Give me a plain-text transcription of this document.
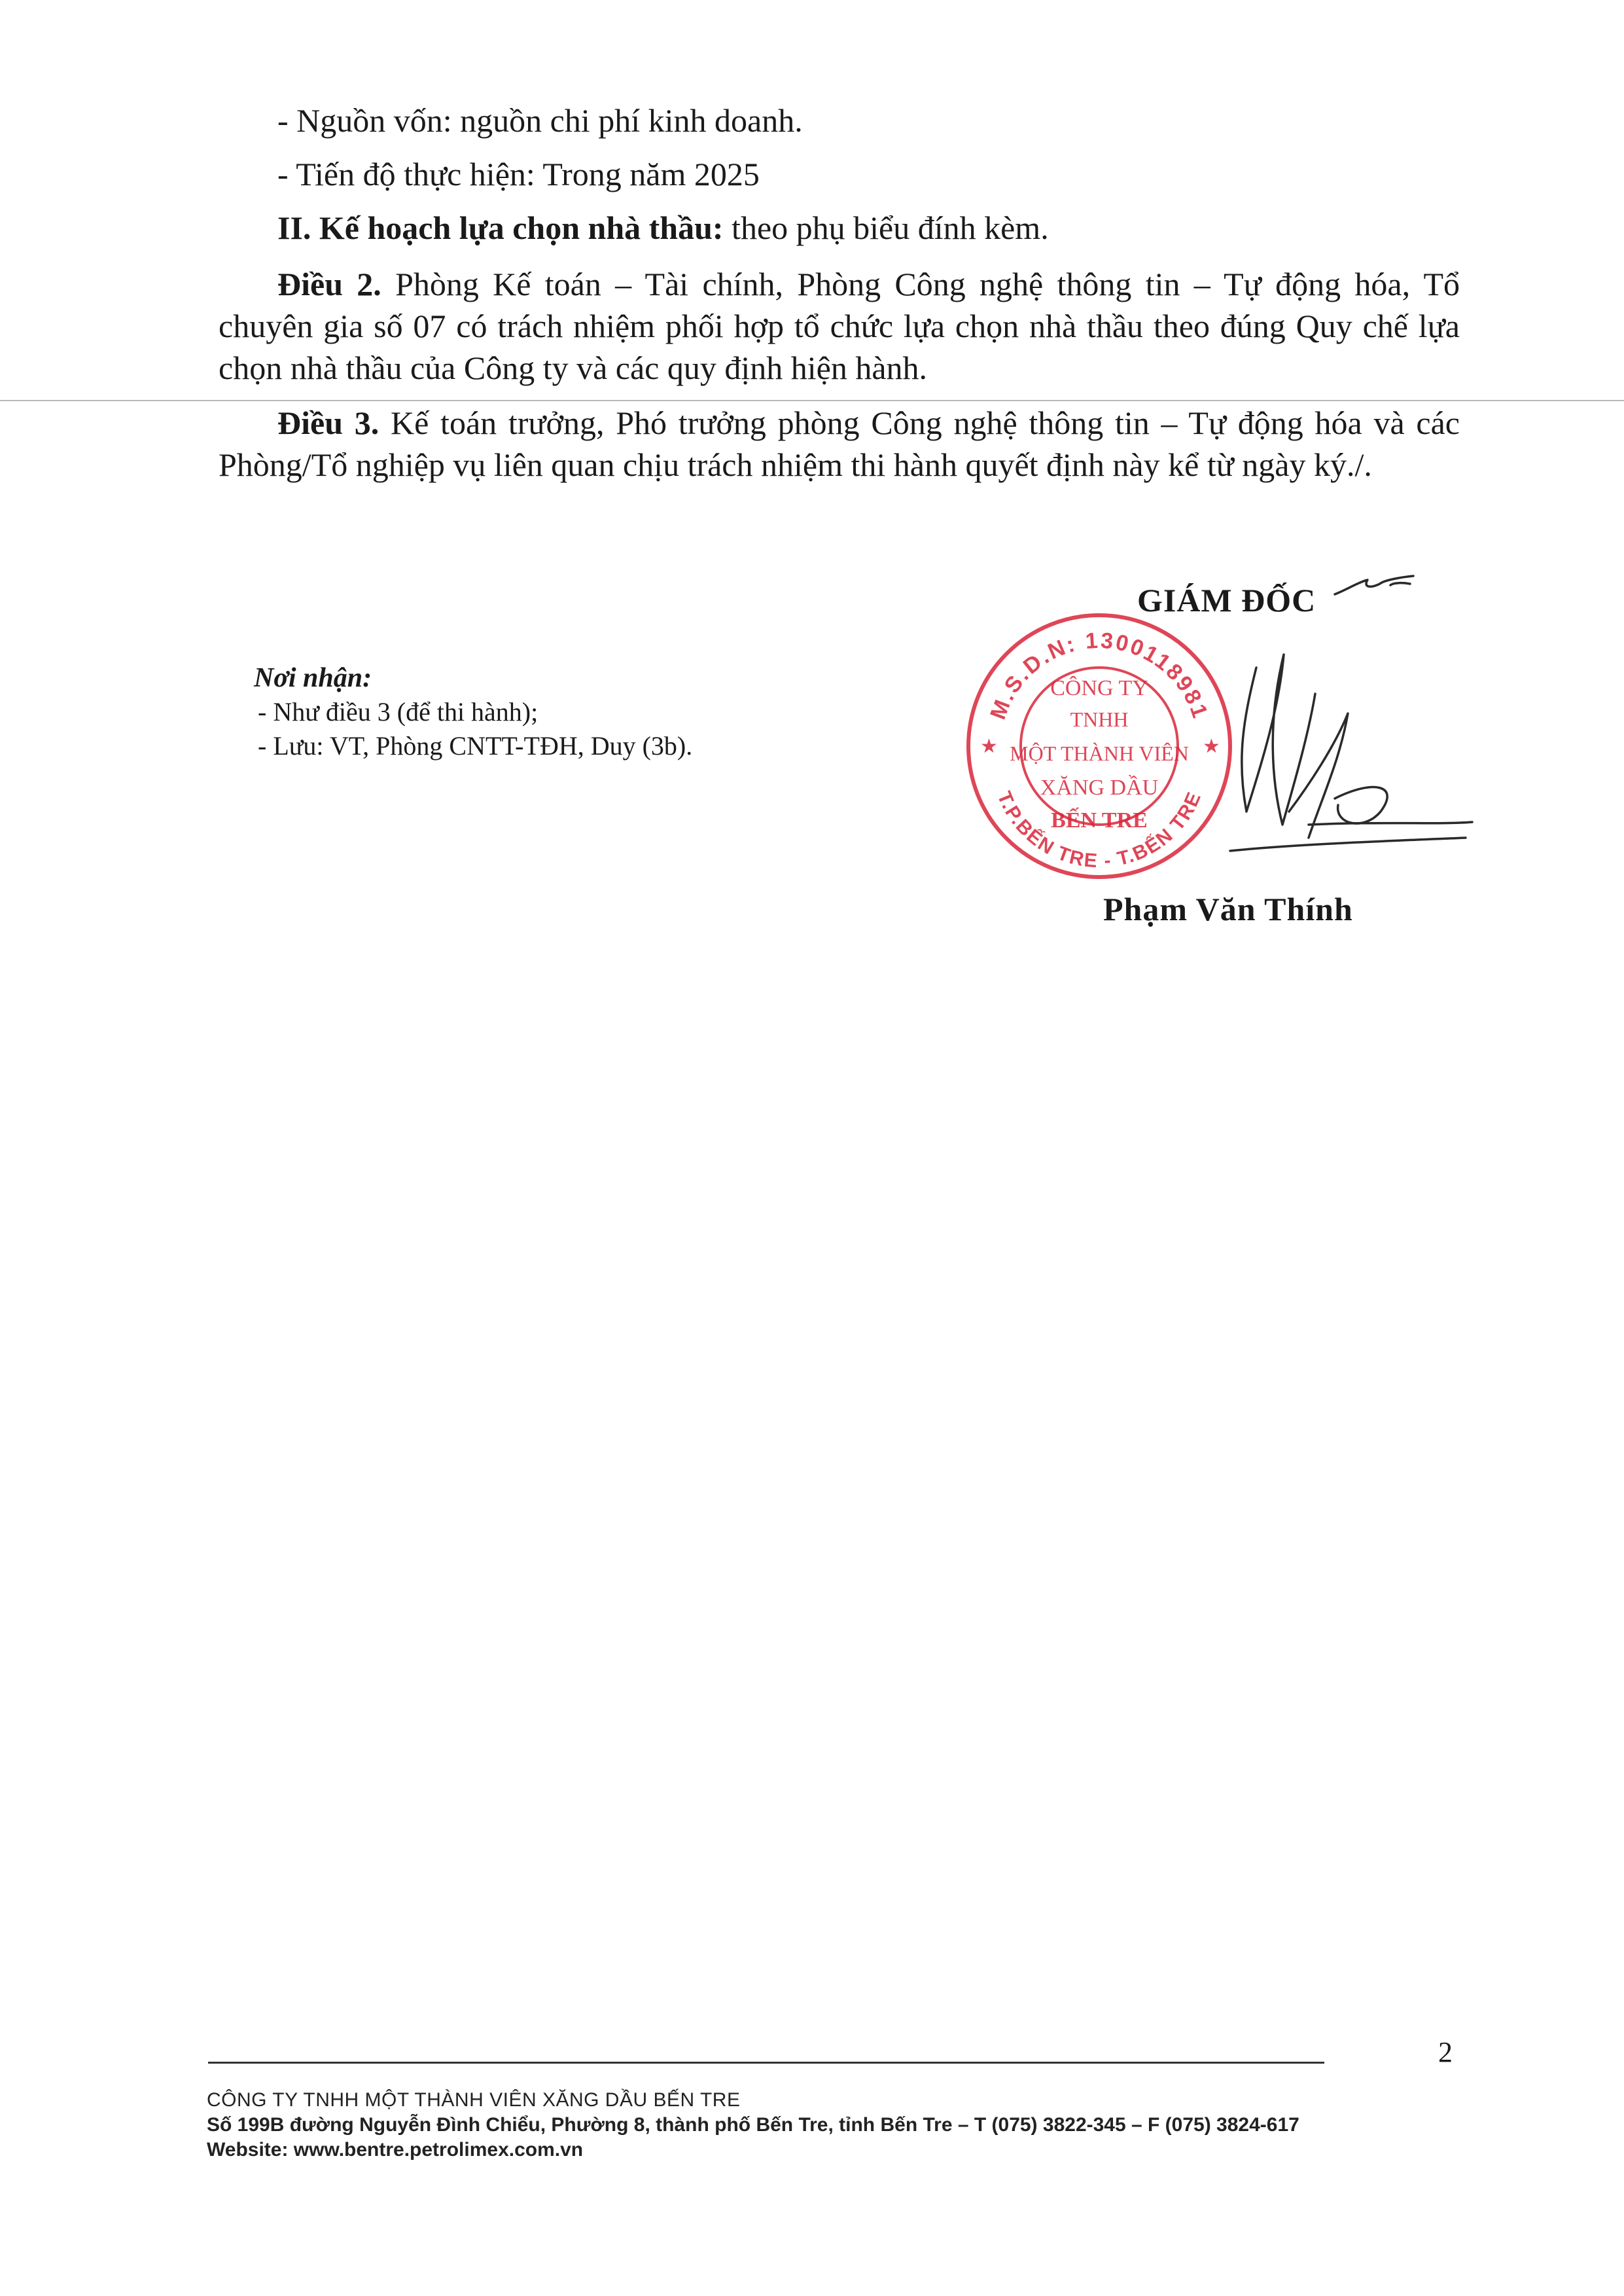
- Nguồn vốn: nguồn chi phí kinh doanh.

- Tiến độ thực hiện: Trong năm 2025

II. Kế hoạch lựa chọn nhà thầu: theo phụ biểu đính kèm.

Điều 2. Phòng Kế toán – Tài chính, Phòng Công nghệ thông tin – Tự động hóa, Tổ chuyên gia số 07 có trách nhiệm phối hợp tổ chức lựa chọn nhà thầu theo đúng Quy chế lựa chọn nhà thầu của Công ty và các quy định hiện hành.

Điều 3. Kế toán trưởng, Phó trưởng phòng Công nghệ thông tin – Tự động hóa và các Phòng/Tổ nghiệp vụ liên quan chịu trách nhiệm thi hành quyết định này kể từ ngày ký./.

GIÁM ĐỐC
Nơi nhận:
- Như điều 3 (để thi hành);
- Lưu: VT, Phòng CNTT-TĐH, Duy (3b).
M.S.D.N: 1300118981
T.P.BẾN TRE - T.BẾN TRE
★	★
CÔNG TY
TNHH
MỘT THÀNH VIÊN
XĂNG DẦU
BẾN TRE
Phạm Văn Thính
2
CÔNG TY TNHH MỘT THÀNH VIÊN XĂNG DẦU BẾN TRE
Số 199B đường Nguyễn Đình Chiểu, Phường 8, thành phố Bến Tre, tỉnh Bến Tre – T (075) 3822-345 – F (075) 3824-617
Website: www.bentre.petrolimex.com.vn
